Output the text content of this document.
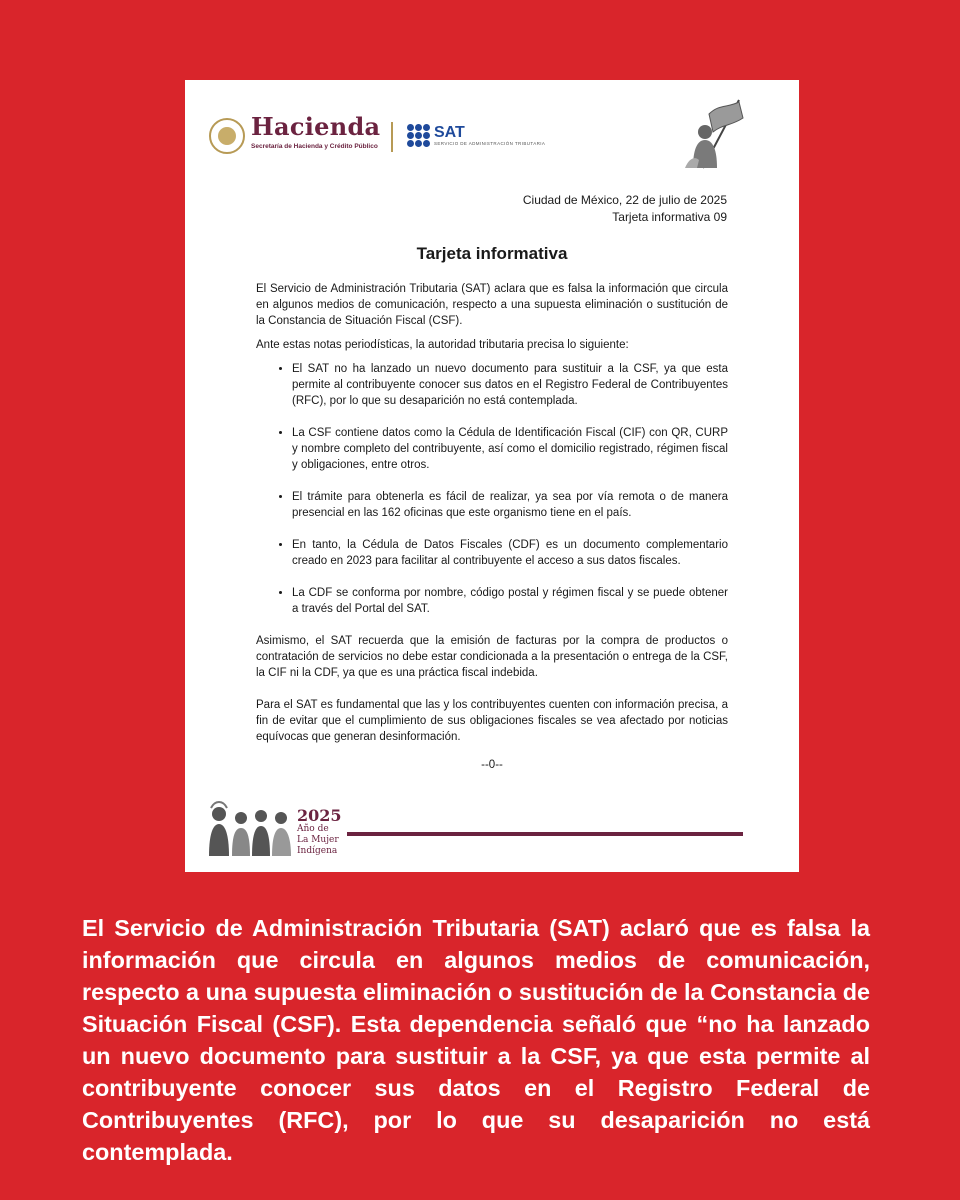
Hacienda
Secretaría de Hacienda y Crédito Público
SAT
SERVICIO DE ADMINISTRACIÓN TRIBUTARIA
Ciudad de México, 22 de julio de 2025
Tarjeta informativa 09
Tarjeta informativa

El Servicio de Administración Tributaria (SAT) aclara que es falsa la información que circula en algunos medios de comunicación, respecto a una supuesta eliminación o sustitución de la Constancia de Situación Fiscal (CSF).

Ante estas notas periodísticas, la autoridad tributaria precisa lo siguiente:

• El SAT no ha lanzado un nuevo documento para sustituir a la CSF, ya que esta permite al contribuyente conocer sus datos en el Registro Federal de Contribuyentes (RFC), por lo que su desaparición no está contemplada.
• La CSF contiene datos como la Cédula de Identificación Fiscal (CIF) con QR, CURP y nombre completo del contribuyente, así como el domicilio registrado, régimen fiscal y obligaciones, entre otros.
• El trámite para obtenerla es fácil de realizar, ya sea por vía remota o de manera presencial en las 162 oficinas que este organismo tiene en el país.
• En tanto, la Cédula de Datos Fiscales (CDF) es un documento complementario creado en 2023 para facilitar al contribuyente el acceso a sus datos fiscales.
• La CDF se conforma por nombre, código postal y régimen fiscal y se puede obtener a través del Portal del SAT.

Asimismo, el SAT recuerda que la emisión de facturas por la compra de productos o contratación de servicios no debe estar condicionada a la presentación o entrega de la CSF, la CIF ni la CDF, ya que es una práctica fiscal indebida.

Para el SAT es fundamental que las y los contribuyentes cuenten con información precisa, a fin de evitar que el cumplimiento de sus obligaciones fiscales se vea afectado por noticias equívocas que generan desinformación.

--0--
2025
Año de
La Mujer
Indígena
El Servicio de Administración Tributaria (SAT) aclaró que es falsa la información que circula en algunos medios de comunicación, respecto a una supuesta eliminación o sustitución de la Constancia de Situación Fiscal (CSF). Esta dependencia señaló que “no ha lanzado un nuevo documento para sustituir a la CSF, ya que esta permite al contribuyente conocer sus datos en el Registro Federal de Contribuyentes (RFC), por lo que su desaparición no está contemplada.
